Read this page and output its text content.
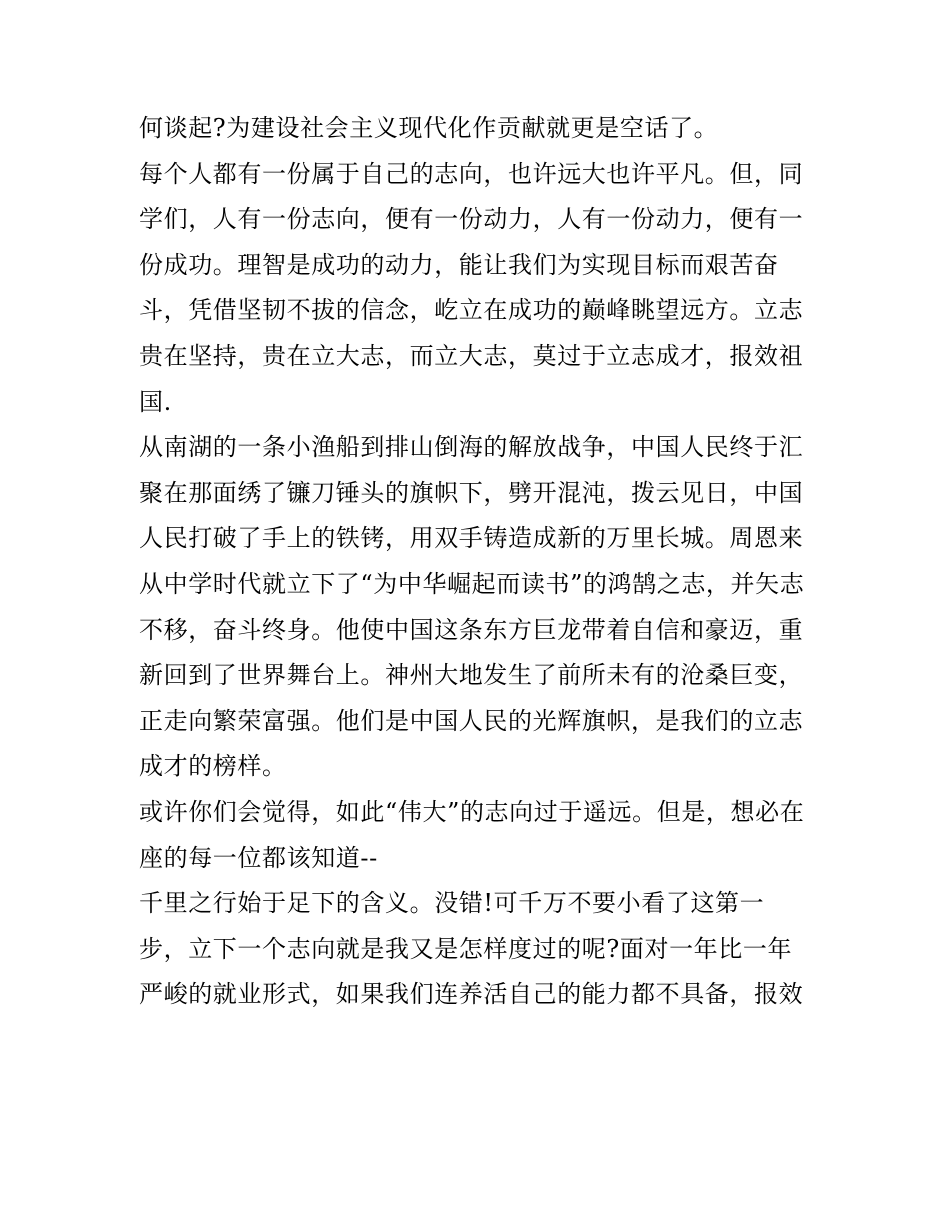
何谈起?为建设社会主义现代化作贡献就更是空话了。
每个人都有一份属于自己的志向，也许远大也许平凡。但，同
学们，人有一份志向，便有一份动力，人有一份动力，便有一
份成功。理智是成功的动力，能让我们为实现目标而艰苦奋
斗，凭借坚韧不拔的信念，屹立在成功的巅峰眺望远方。立志
贵在坚持，贵在立大志，而立大志，莫过于立志成才，报效祖
国.
从南湖的一条小渔船到排山倒海的解放战争，中国人民终于汇
聚在那面绣了镰刀锤头的旗帜下，劈开混沌，拨云见日，中国
人民打破了手上的铁铐，用双手铸造成新的万里长城。周恩来
从中学时代就立下了“为中华崛起而读书”的鸿鹄之志，并矢志
不移，奋斗终身。他使中国这条东方巨龙带着自信和豪迈，重
新回到了世界舞台上。神州大地发生了前所未有的沧桑巨变，
正走向繁荣富强。他们是中国人民的光辉旗帜，是我们的立志
成才的榜样。
或许你们会觉得，如此“伟大”的志向过于遥远。但是，想必在
座的每一位都该知道--
千里之行始于足下的含义。没错!可千万不要小看了这第一
步，立下一个志向就是我又是怎样度过的呢?面对一年比一年
严峻的就业形式，如果我们连养活自己的能力都不具备，报效
